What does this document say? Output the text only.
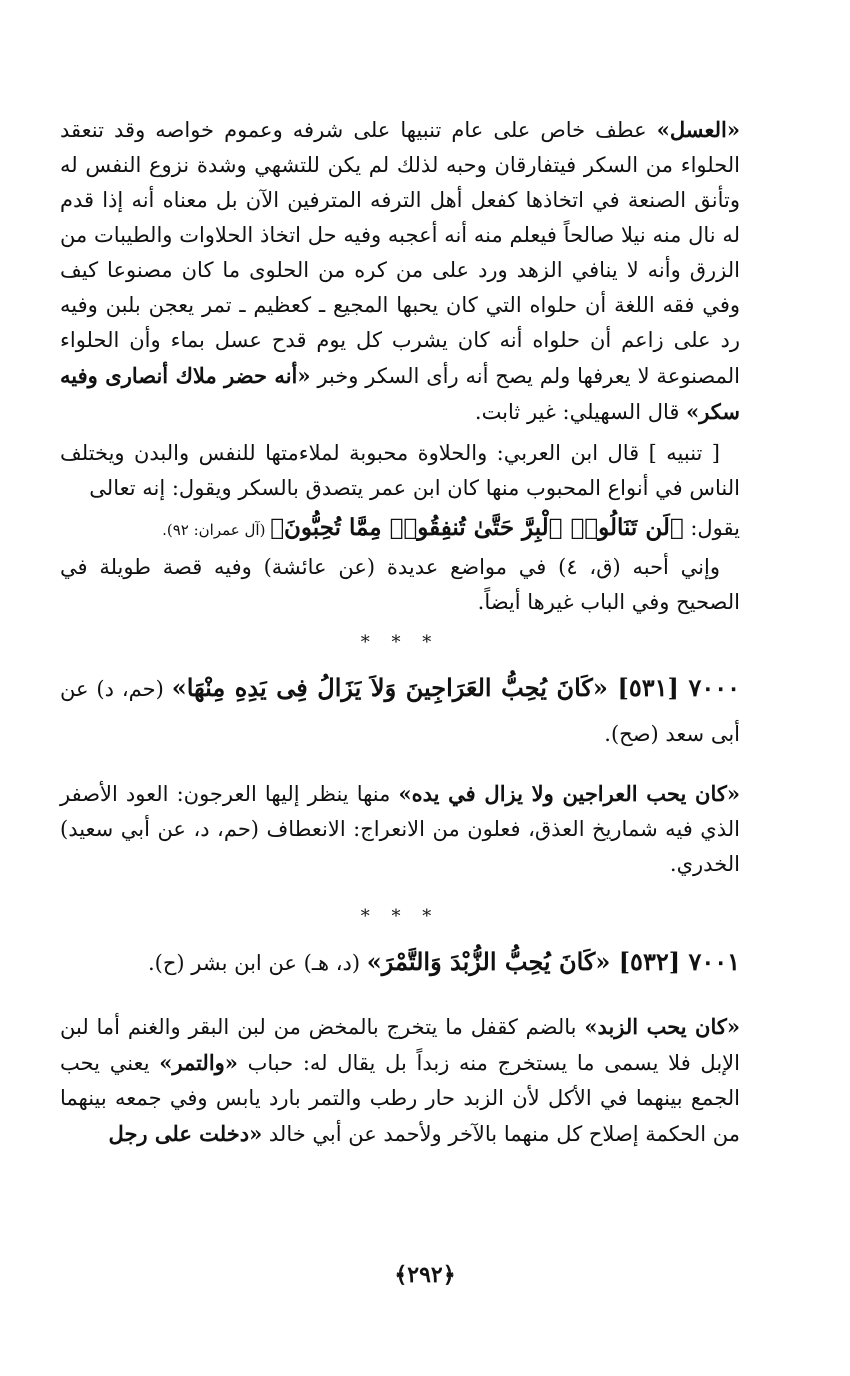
«العسل» عطف خاص على عام تنبيها على شرفه وعموم خواصه وقد تنعقد الحلواء من السكر فيتفارقان وحبه لذلك لم يكن للتشهي وشدة نزوع النفس له وتأنق الصنعة في اتخاذها كفعل أهل الترفه المترفين الآن بل معناه أنه إذا قدم له نال منه نيلا صالحاً فيعلم منه أنه أعجبه وفيه حل اتخاذ الحلاوات والطيبات من الزرق وأنه لا ينافي الزهد ورد على من كره من الحلوى ما كان مصنوعا كيف وفي فقه اللغة أن حلواه التي كان يحبها المجيع ـ كعظيم ـ تمر يعجن بلبن وفيه رد على زاعم أن حلواه أنه كان يشرب كل يوم قدح عسل بماء وأن الحلواء المصنوعة لا يعرفها ولم يصح أنه رأى السكر وخبر «أنه حضر ملاك أنصارى وفيه سكر» قال السهيلي: غير ثابت.

[ تنبيه ] قال ابن العربي: والحلاوة محبوبة لملاءمتها للنفس والبدن ويختلف الناس في أنواع المحبوب منها كان ابن عمر يتصدق بالسكر ويقول: إنه تعالى

يقول: ﴿لَن تَنَالُوا۟ ٱلْبِرَّ حَتَّىٰ تُنفِقُوا۟ مِمَّا تُحِبُّونَ﴾ (آل عمران: ٩٢).

وإني أحبه (ق، ٤) في مواضع عديدة (عن عائشة) وفيه قصة طويلة في الصحيح وفي الباب غيرها أيضاً.

* * *

٧٠٠٠ [٥٣١] «كَانَ يُحِبُّ العَرَاجِينَ وَلاَ يَزَالُ فِى يَدِهِ مِنْهَا» (حم، د) عن أبى سعد (صح).

«كان يحب العراجين ولا يزال في يده» منها ينظر إليها العرجون: العود الأصفر الذي فيه شماريخ العذق، فعلون من الانعراج: الانعطاف (حم، د، عن أبي سعيد) الخدري.

* * *

٧٠٠١ [٥٣٢] «كَانَ يُحِبُّ الزُّبْدَ وَالتَّمْرَ» (د، هـ) عن ابن بشر (ح).

«كان يحب الزبد» بالضم كقفل ما يتخرج بالمخض من لبن البقر والغنم أما لبن الإبل فلا يسمى ما يستخرج منه زبداً بل يقال له: حباب «والتمر» يعني يحب الجمع بينهما في الأكل لأن الزبد حار رطب والتمر بارد يابس وفي جمعه بينهما من الحكمة إصلاح كل منهما بالآخر ولأحمد عن أبي خالد «دخلت على رجل

﴿٢٩٢﴾
